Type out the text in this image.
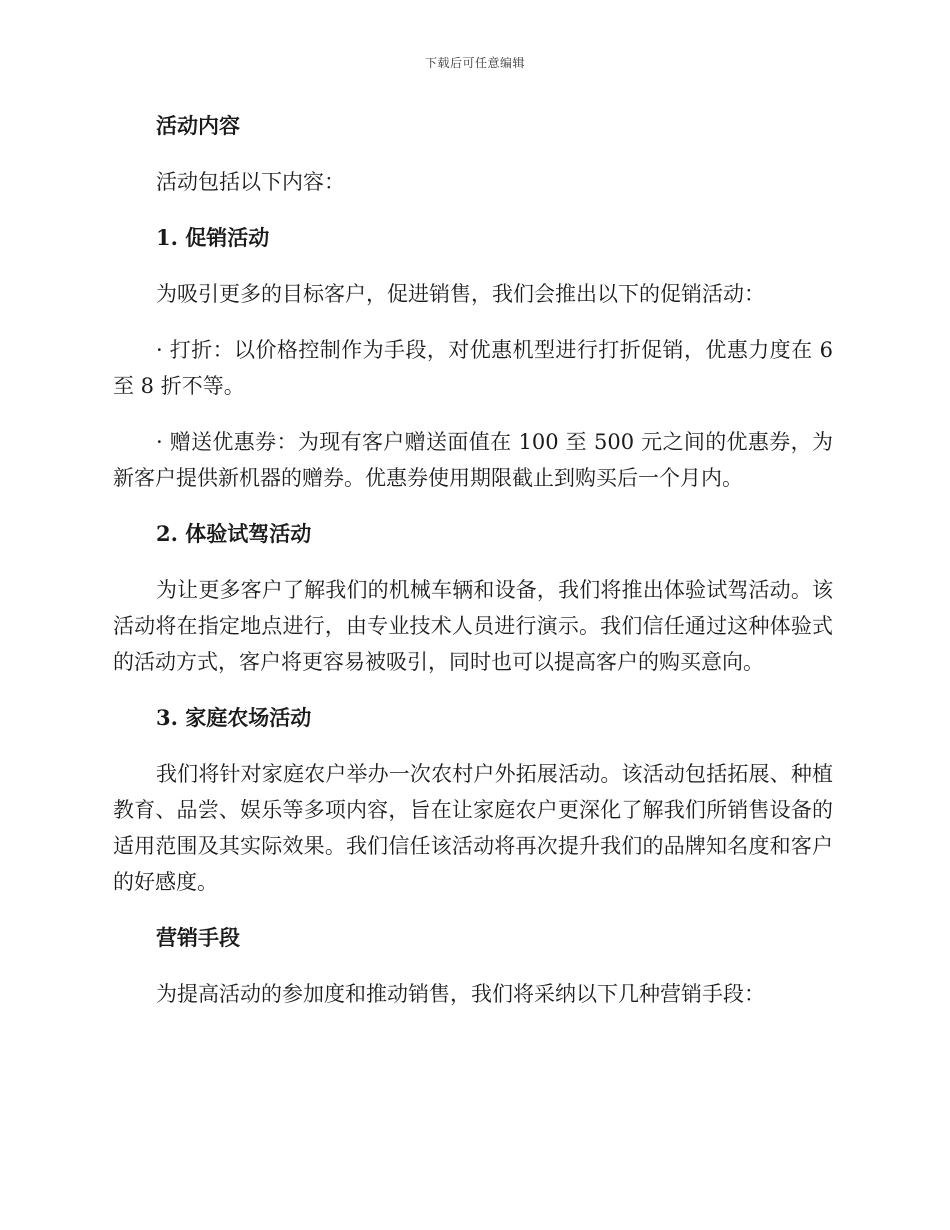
下载后可任意编辑
活动内容
活动包括以下内容：
1. 促销活动
为吸引更多的目标客户，促进销售，我们会推出以下的促销活动：
· 打折：以价格控制作为手段，对优惠机型进行打折促销，优惠力度在 6 至 8 折不等。
· 赠送优惠券：为现有客户赠送面值在 100 至 500 元之间的优惠券，为新客户提供新机器的赠券。优惠券使用期限截止到购买后一个月内。
2. 体验试驾活动
为让更多客户了解我们的机械车辆和设备，我们将推出体验试驾活动。该活动将在指定地点进行，由专业技术人员进行演示。我们信任通过这种体验式的活动方式，客户将更容易被吸引，同时也可以提高客户的购买意向。
3. 家庭农场活动
我们将针对家庭农户举办一次农村户外拓展活动。该活动包括拓展、种植教育、品尝、娱乐等多项内容，旨在让家庭农户更深化了解我们所销售设备的适用范围及其实际效果。我们信任该活动将再次提升我们的品牌知名度和客户的好感度。
营销手段
为提高活动的参加度和推动销售，我们将采纳以下几种营销手段：
